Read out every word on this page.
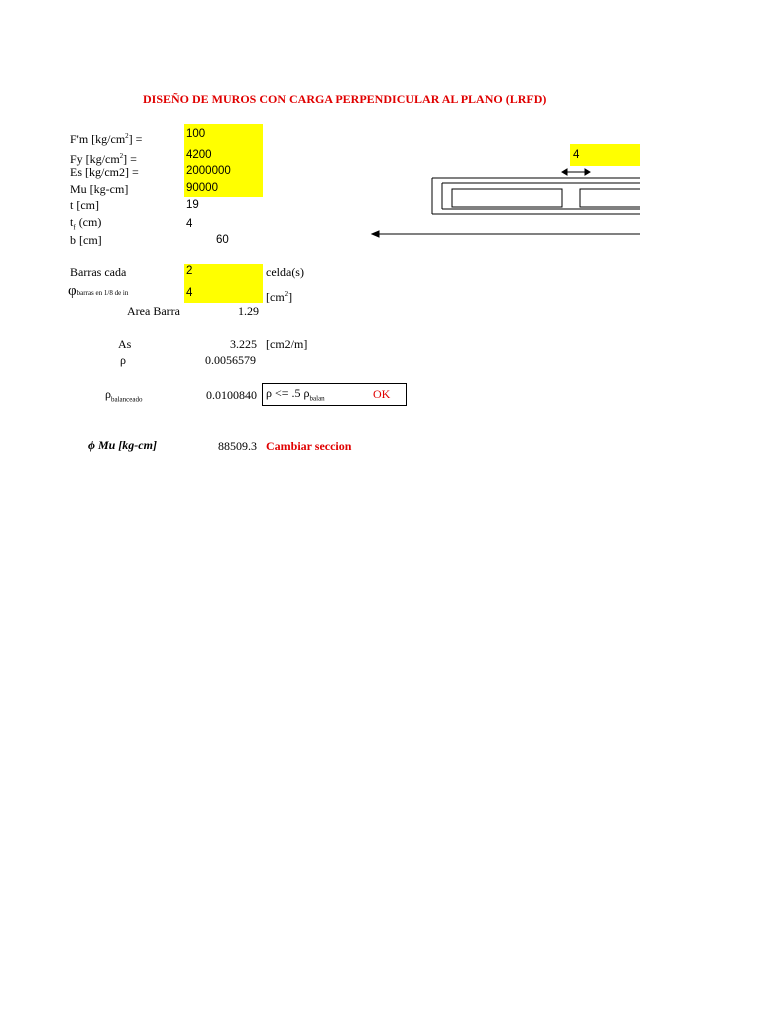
DISEÑO DE MUROS CON CARGA PERPENDICULAR AL PLANO (LRFD)
F'm $[kg/cm^2]$ =	100
Fy $[kg/cm^2]$ =	4200
Es [kg/cm2] =	2000000
Mu [kg-cm]	90000
t [cm]	19
$t_f$ (cm)	4
b [cm]	60
Barras cada	2	celda(s)
φbarras en 1/8 de in	4	$[cm^2]$
Area Barra	1.29
As	3.225 [cm2/m]
ρ	0.0056579
$\rho_{balanceado}$	0.0100840 ρ <= .5 $\rho_{balan}$	OK
ϕ Mu [kg-cm]	88509.3 Cambiar seccion
4
